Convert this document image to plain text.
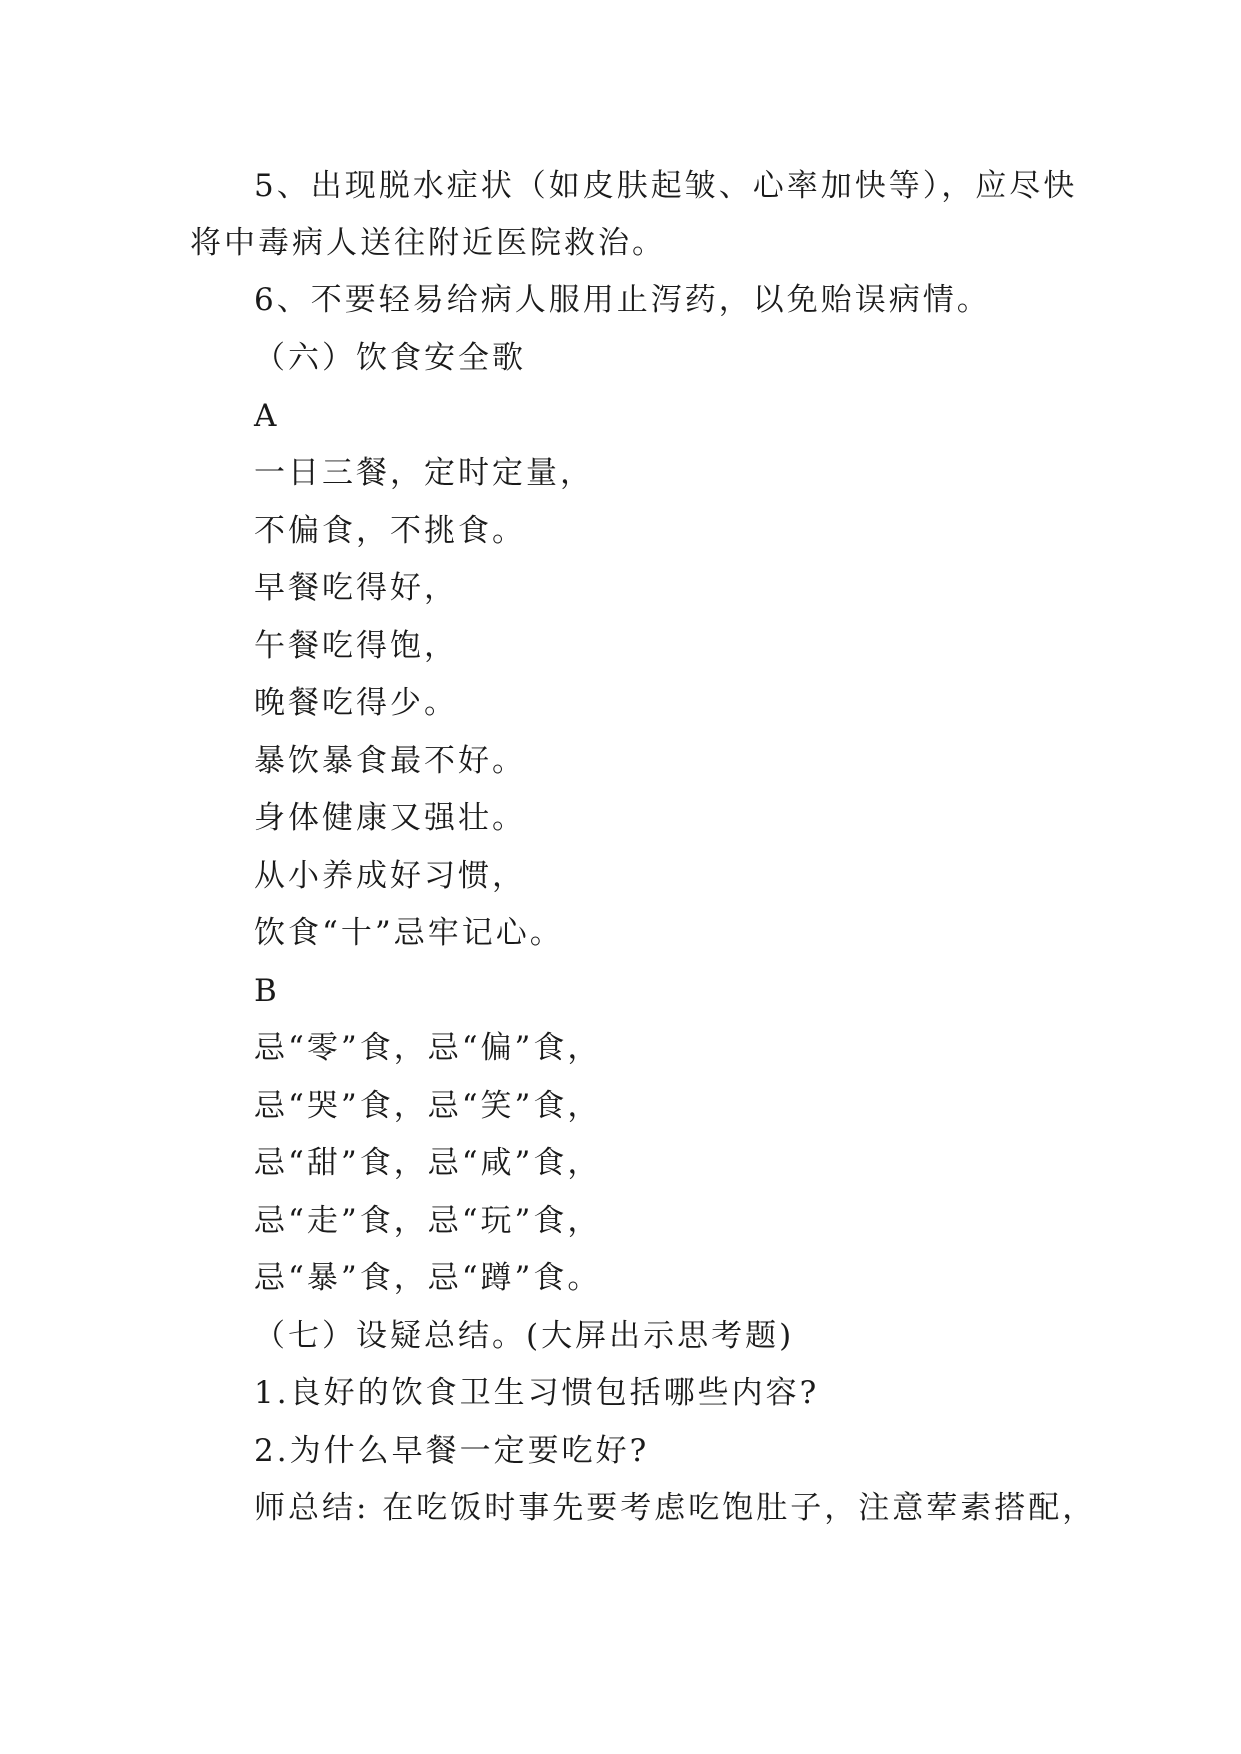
5、出现脱水症状（如皮肤起皱、心率加快等），应尽快
将中毒病人送往附近医院救治。
6、不要轻易给病人服用止泻药，以免贻误病情。
（六）饮食安全歌
A
一日三餐，定时定量，
不偏食，不挑食。
早餐吃得好，
午餐吃得饱，
晚餐吃得少。
暴饮暴食最不好。
身体健康又强壮。
从小养成好习惯，
饮食“十”忌牢记心。
B
忌“零”食，忌“偏”食，
忌“哭”食，忌“笑”食，
忌“甜”食，忌“咸”食，
忌“走”食，忌“玩”食，
忌“暴”食，忌“蹲”食。
（七）设疑总结。(大屏出示思考题)
1.良好的饮食卫生习惯包括哪些内容?
2.为什么早餐一定要吃好?
师总结: 在吃饭时事先要考虑吃饱肚子，注意荤素搭配，
